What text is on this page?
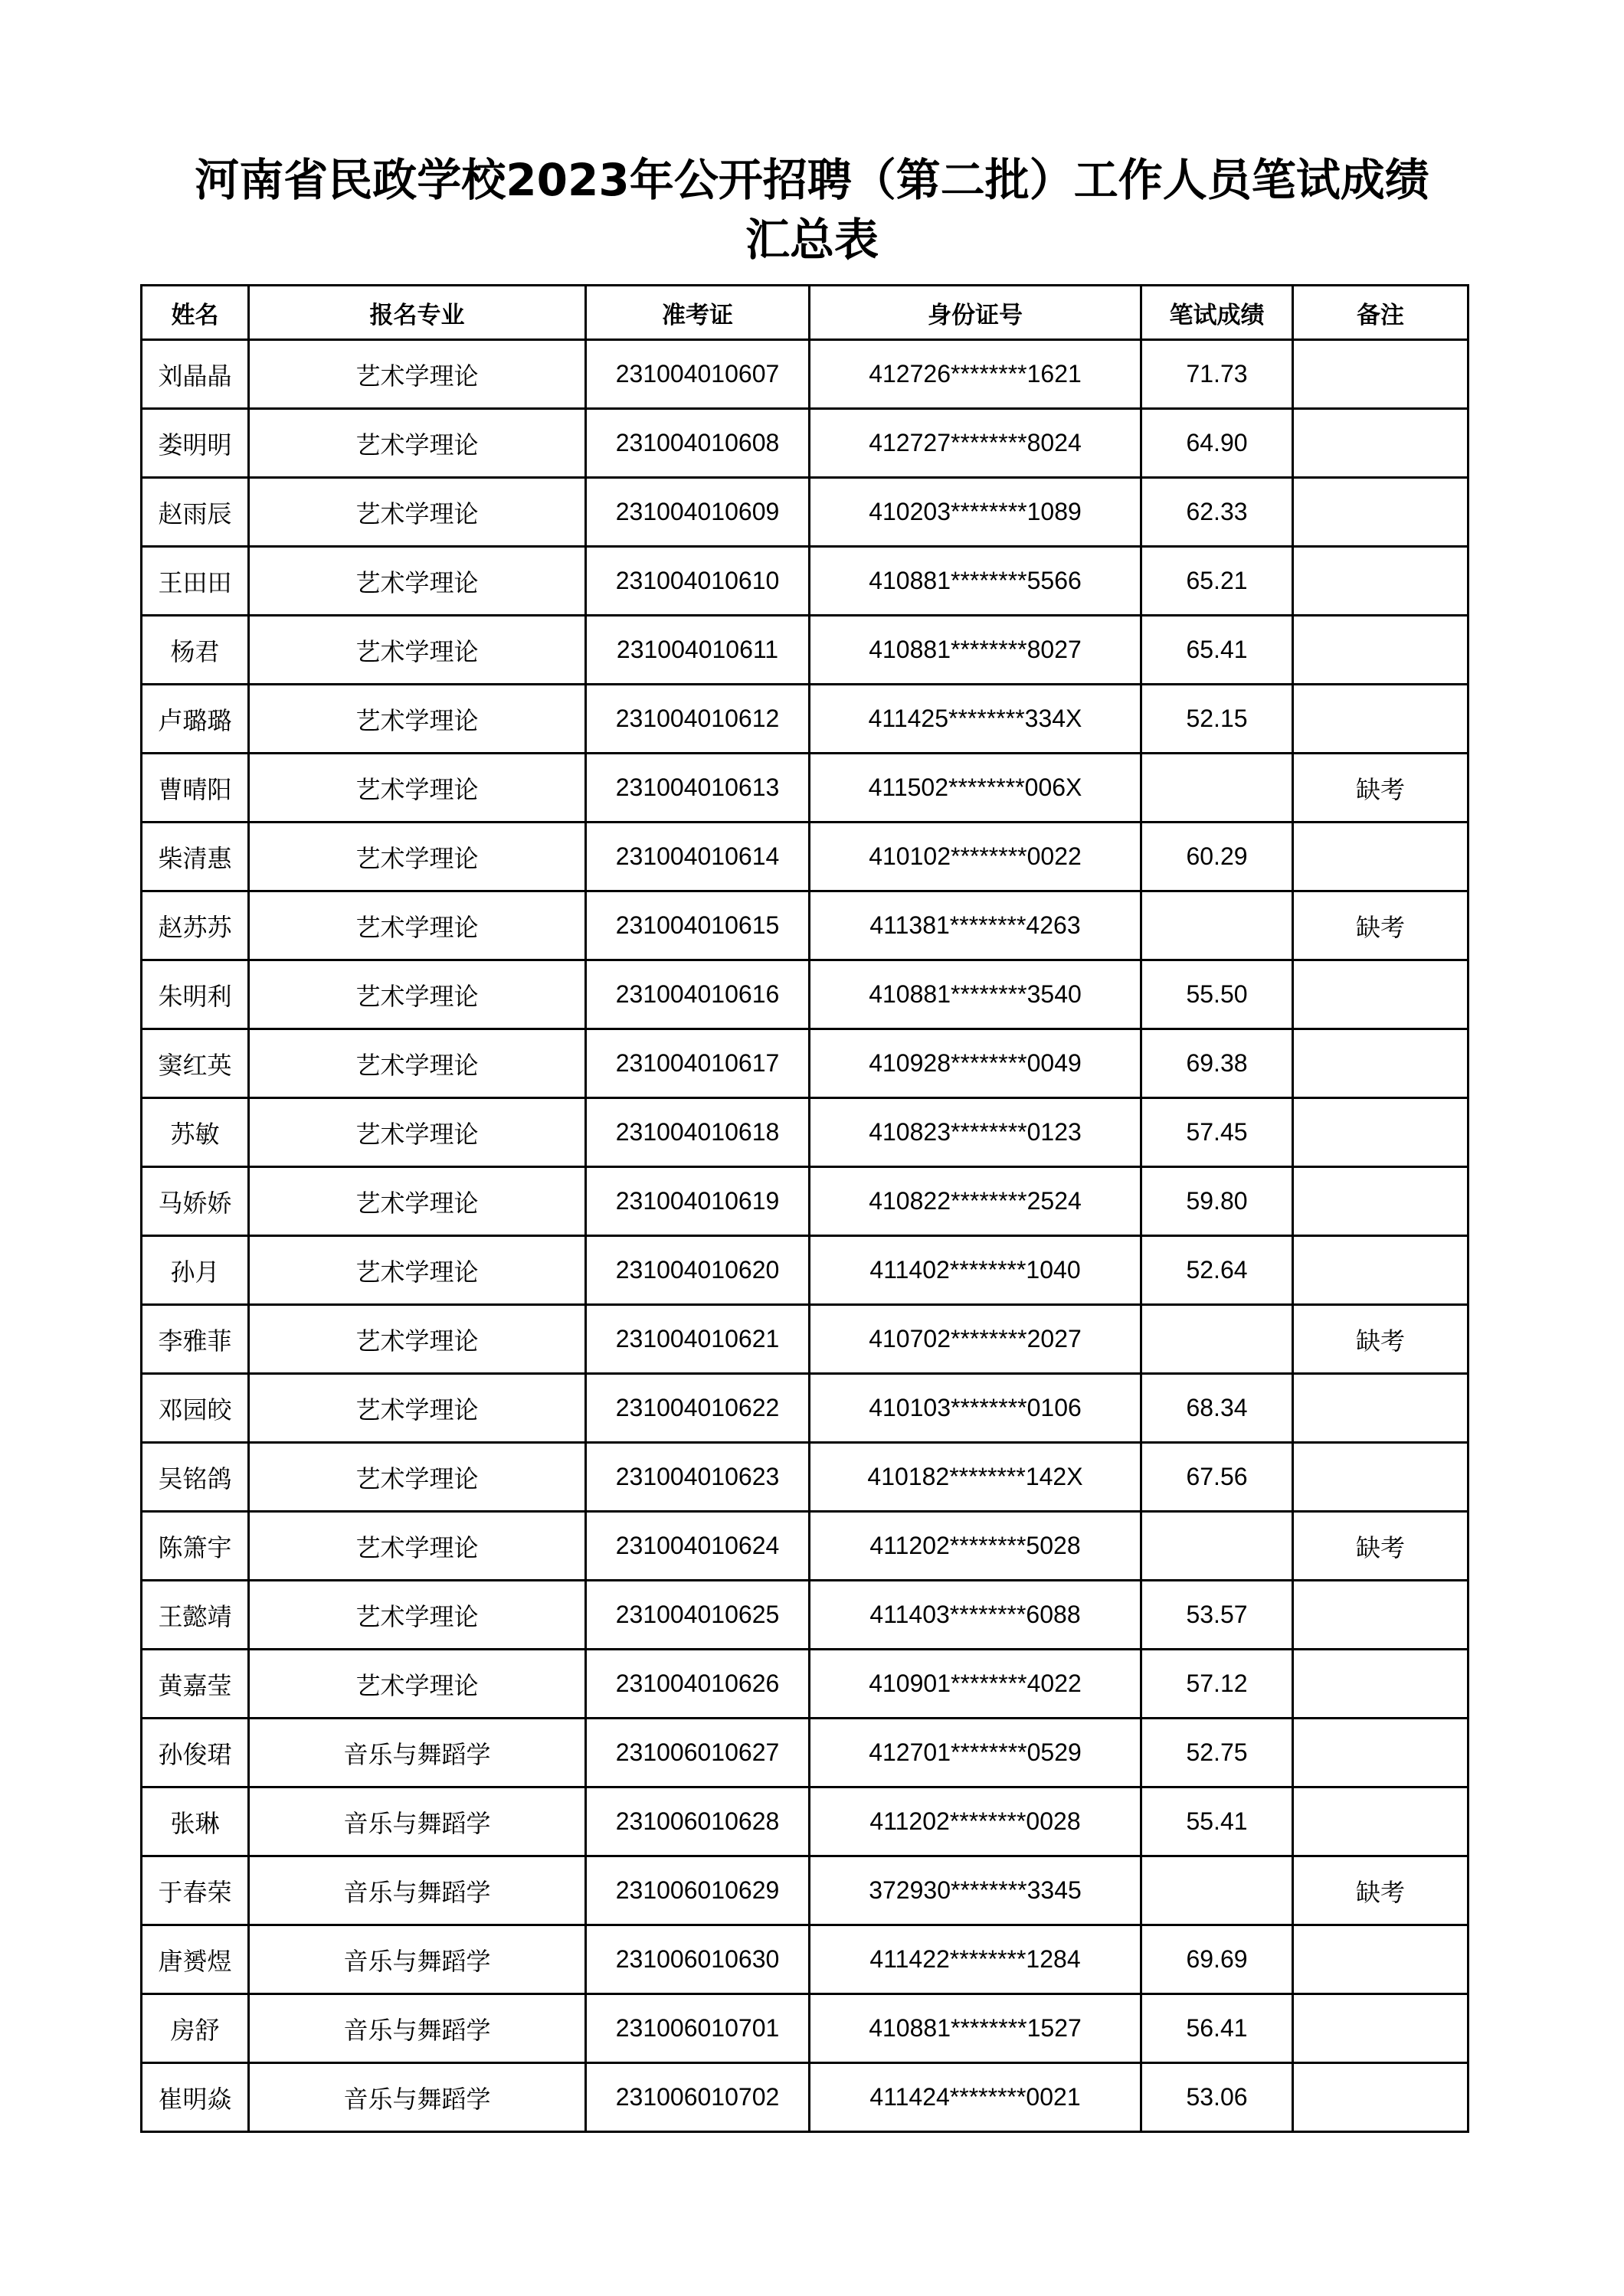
河南省民政学校2023年公开招聘（第二批）工作人员笔试成绩
汇总表
姓名	报名专业	准考证	身份证号	笔试成绩	备注
刘晶晶	艺术学理论	231004010607	412726********1621	71.73	
娄明明	艺术学理论	231004010608	412727********8024	64.90	
赵雨辰	艺术学理论	231004010609	410203********1089	62.33	
王田田	艺术学理论	231004010610	410881********5566	65.21	
杨君	艺术学理论	231004010611	410881********8027	65.41	
卢璐璐	艺术学理论	231004010612	411425********334X	52.15	
曹晴阳	艺术学理论	231004010613	411502********006X		缺考
柴清惠	艺术学理论	231004010614	410102********0022	60.29	
赵苏苏	艺术学理论	231004010615	411381********4263		缺考
朱明利	艺术学理论	231004010616	410881********3540	55.50	
窦红英	艺术学理论	231004010617	410928********0049	69.38	
苏敏	艺术学理论	231004010618	410823********0123	57.45	
马娇娇	艺术学理论	231004010619	410822********2524	59.80	
孙月	艺术学理论	231004010620	411402********1040	52.64	
李雅菲	艺术学理论	231004010621	410702********2027		缺考
邓园皎	艺术学理论	231004010622	410103********0106	68.34	
吴铭鸽	艺术学理论	231004010623	410182********142X	67.56	
陈箫宇	艺术学理论	231004010624	411202********5028		缺考
王懿靖	艺术学理论	231004010625	411403********6088	53.57	
黄嘉莹	艺术学理论	231004010626	410901********4022	57.12	
孙俊珺	音乐与舞蹈学	231006010627	412701********0529	52.75	
张琳	音乐与舞蹈学	231006010628	411202********0028	55.41	
于春荣	音乐与舞蹈学	231006010629	372930********3345		缺考
唐赟煜	音乐与舞蹈学	231006010630	411422********1284	69.69	
房舒	音乐与舞蹈学	231006010701	410881********1527	56.41	
崔明焱	音乐与舞蹈学	231006010702	411424********0021	53.06	
